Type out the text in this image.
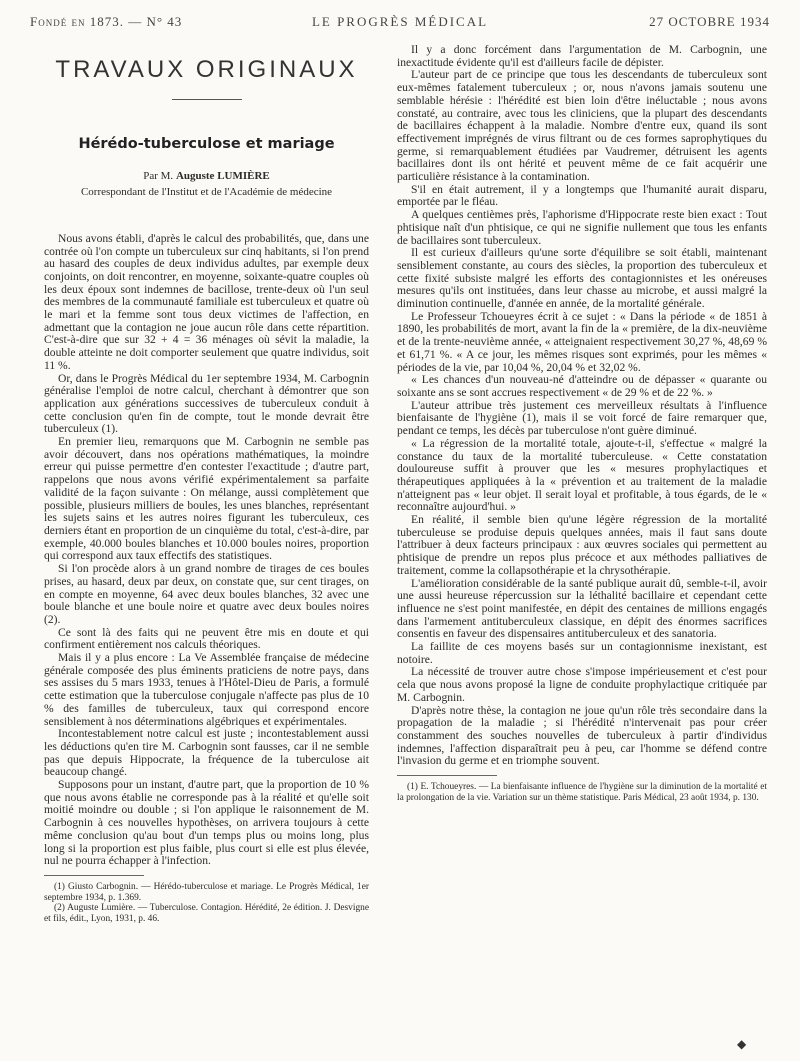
Fondé en 1873. — N° 43	LE PROGRÈS MÉDICAL	27 OCTOBRE 1934
TRAVAUX ORIGINAUX
Hérédo-tuberculose et mariage
Par M. Auguste LUMIÈRE
Correspondant de l'Institut et de l'Académie de médecine

Nous avons établi, d'après le calcul des probabilités, que, dans une contrée où l'on compte un tuberculeux sur cinq habitants, si l'on prend au hasard des couples de deux individus adultes, par exemple deux conjoints, on doit rencontrer, en moyenne, soixante-quatre couples où les deux époux sont indemnes de bacillose, trente-deux où l'un seul des membres de la communauté familiale est tuberculeux et quatre où le mari et la femme sont tous deux victimes de l'affection, en admettant que la contagion ne joue aucun rôle dans cette répartition. C'est-à-dire que sur 32 + 4 = 36 ménages où sévit la maladie, la double atteinte ne doit comporter seulement que quatre individus, soit 11 %.

Or, dans le Progrès Médical du 1er septembre 1934, M. Carbognin généralise l'emploi de notre calcul, cherchant à démontrer que son application aux générations successives de tuberculeux conduit à cette conclusion qu'en fin de compte, tout le monde devrait être tuberculeux (1).

En premier lieu, remarquons que M. Carbognin ne semble pas avoir découvert, dans nos opérations mathématiques, la moindre erreur qui puisse permettre d'en contester l'exactitude ; d'autre part, rappelons que nous avons vérifié expérimentalement sa parfaite validité de la façon suivante : On mélange, aussi complètement que possible, plusieurs milliers de boules, les unes blanches, représentant les sujets sains et les autres noires figurant les tuberculeux, ces derniers étant en proportion de un cinquième du total, c'est-à-dire, par exemple, 40.000 boules blanches et 10.000 boules noires, proportion qui correspond aux taux effectifs des statistiques.

Si l'on procède alors à un grand nombre de tirages de ces boules prises, au hasard, deux par deux, on constate que, sur cent tirages, on en compte en moyenne, 64 avec deux boules blanches, 32 avec une boule blanche et une boule noire et quatre avec deux boules noires (2).

Ce sont là des faits qui ne peuvent être mis en doute et qui confirment entièrement nos calculs théoriques.

Mais il y a plus encore : La Ve Assemblée française de médecine générale composée des plus éminents praticiens de notre pays, dans ses assises du 5 mars 1933, tenues à l'Hôtel-Dieu de Paris, a formulé cette estimation que la tuberculose conjugale n'affecte pas plus de 10 % des familles de tuberculeux, taux qui correspond encore sensiblement à nos déterminations algébriques et expérimentales.

Incontestablement notre calcul est juste ; incontestablement aussi les déductions qu'en tire M. Carbognin sont fausses, car il ne semble pas que depuis Hippocrate, la fréquence de la tuberculose ait beaucoup changé.

Supposons pour un instant, d'autre part, que la proportion de 10 % que nous avons établie ne corresponde pas à la réalité et qu'elle soit moitié moindre ou double ; si l'on applique le raisonnement de M. Carbognin à ces nouvelles hypothèses, on arrivera toujours à cette même conclusion qu'au bout d'un temps plus ou moins long, plus long si la proportion est plus faible, plus court si elle est plus élevée, nul ne pourra échapper à l'infection.

(1) Giusto Carbognin. — Hérédo-tuberculose et mariage. Le Progrès Médical, 1er septembre 1934, p. 1.369.

(2) Auguste Lumière. — Tuberculose. Contagion. Hérédité, 2e édition. J. Desvigne et fils, édit., Lyon, 1931, p. 46.

Il y a donc forcément dans l'argumentation de M. Carbognin, une inexactitude évidente qu'il est d'ailleurs facile de dépister.

L'auteur part de ce principe que tous les descendants de tuberculeux sont eux-mêmes fatalement tuberculeux ; or, nous n'avons jamais soutenu une semblable hérésie : l'hérédité est bien loin d'être inéluctable ; nous avons constaté, au contraire, avec tous les cliniciens, que la plupart des descendants de bacillaires échappent à la maladie. Nombre d'entre eux, quand ils sont effectivement imprégnés de virus filtrant ou de ces formes saprophytiques du germe, si remarquablement étudiées par Vaudremer, détruisent les agents bacillaires dont ils ont hérité et peuvent même de ce fait acquérir une particulière résistance à la contamination.

S'il en était autrement, il y a longtemps que l'humanité aurait disparu, emportée par le fléau.

A quelques centièmes près, l'aphorisme d'Hippocrate reste bien exact : Tout phtisique naît d'un phtisique, ce qui ne signifie nullement que tous les enfants de bacillaires sont tuberculeux.

Il est curieux d'ailleurs qu'une sorte d'équilibre se soit établi, maintenant sensiblement constante, au cours des siècles, la proportion des tuberculeux et cette fixité subsiste malgré les efforts des contagionnistes et les onéreuses mesures qu'ils ont instituées, dans leur chasse au microbe, et aussi malgré la diminution continuelle, d'année en année, de la mortalité générale.

Le Professeur Tchoueyres écrit à ce sujet : « Dans la période « de 1851 à 1890, les probabilités de mort, avant la fin de la « première, de la dix-neuvième et de la trente-neuvième année, « atteignaient respectivement 30,27 %, 48,69 % et 61,71 %. « A ce jour, les mêmes risques sont exprimés, pour les mêmes « périodes de la vie, par 10,04 %, 20,04 % et 32,02 %.

« Les chances d'un nouveau-né d'atteindre ou de dépasser « quarante ou soixante ans se sont accrues respectivement « de 29 % et de 22 %. »

L'auteur attribue très justement ces merveilleux résultats à l'influence bienfaisante de l'hygiène (1), mais il se voit forcé de faire remarquer que, pendant ce temps, les décès par tuberculose n'ont guère diminué.

« La régression de la mortalité totale, ajoute-t-il, s'effectue « malgré la constance du taux de la mortalité tuberculeuse. « Cette constatation douloureuse suffit à prouver que les « mesures prophylactiques et thérapeutiques appliquées à la « prévention et au traitement de la maladie n'atteignent pas « leur objet. Il serait loyal et profitable, à tous égards, de le « reconnaître aujourd'hui. »

En réalité, il semble bien qu'une légère régression de la mortalité tuberculeuse se produise depuis quelques années, mais il faut sans doute l'attribuer à deux facteurs principaux : aux œuvres sociales qui permettent au phtisique de prendre un repos plus précoce et aux méthodes palliatives de traitement, comme la collapsothérapie et la chrysothérapie.

L'amélioration considérable de la santé publique aurait dû, semble-t-il, avoir une aussi heureuse répercussion sur la léthalité bacillaire et cependant cette influence ne s'est point manifestée, en dépit des centaines de millions engagés dans l'armement antituberculeux classique, en dépit des énormes sacrifices consentis en faveur des dispensaires antituberculeux et des sanatoria.

La faillite de ces moyens basés sur un contagionnisme inexistant, est notoire.

La nécessité de trouver autre chose s'impose impérieusement et c'est pour cela que nous avons proposé la ligne de conduite prophylactique critiquée par M. Carbognin.

D'après notre thèse, la contagion ne joue qu'un rôle très secondaire dans la propagation de la maladie ; si l'hérédité n'intervenait pas pour créer constamment des souches nouvelles de tuberculeux à partir d'individus indemnes, l'affection disparaîtrait peu à peu, car l'homme se défend contre l'invasion du germe et en triomphe souvent.

(1) E. Tchoueyres. — La bienfaisante influence de l'hygiène sur la diminution de la mortalité et la prolongation de la vie. Variation sur un thème statistique. Paris Médical, 23 août 1934, p. 130.

◆
